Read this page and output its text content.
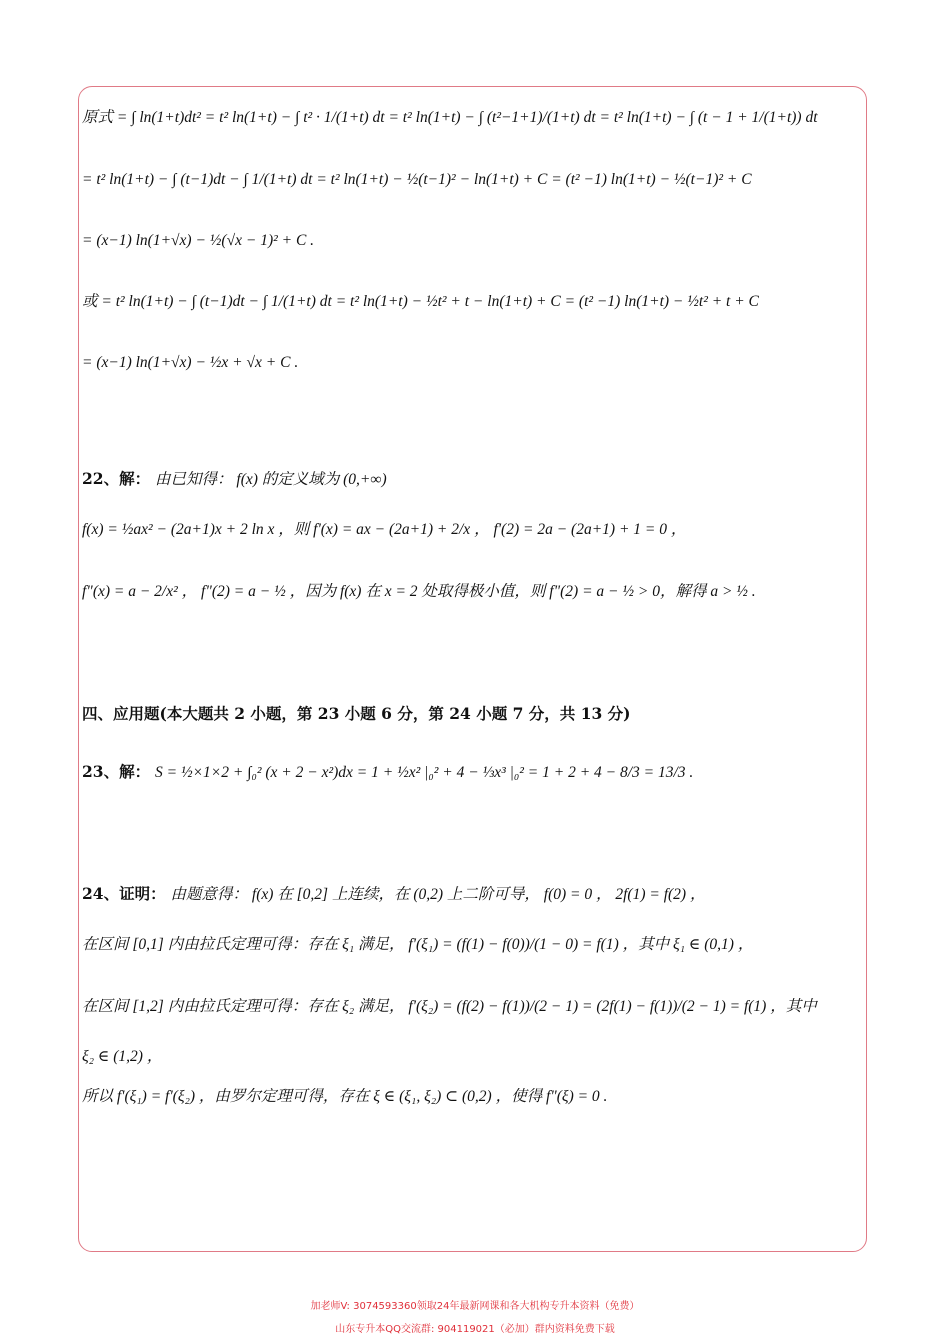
原式 = ∫ ln(1+t)dt² = t² ln(1+t) − ∫ t² · 1/(1+t) dt = t² ln(1+t) − ∫ (t²−1+1)/(1+t) dt = t² ln(1+t) − ∫ (t − 1 + 1/(1+t)) dt
= t² ln(1+t) − ∫ (t−1)dt − ∫ 1/(1+t) dt = t² ln(1+t) − ½(t−1)² − ln(1+t) + C = (t² −1) ln(1+t) − ½(t−1)² + C
= (x−1) ln(1+√x) − ½(√x − 1)² + C .
或 = t² ln(1+t) − ∫ (t−1)dt − ∫ 1/(1+t) dt = t² ln(1+t) − ½t² + t − ln(1+t) + C = (t² −1) ln(1+t) − ½t² + t + C
= (x−1) ln(1+√x) − ½x + √x + C .
22、解： 由已知得： f(x) 的定义域为 (0,+∞)
f(x) = ½ax² − (2a+1)x + 2 ln x ，则 f'(x) = ax − (2a+1) + 2/x ， f'(2) = 2a − (2a+1) + 1 = 0 ，
f"(x) = a − 2/x² ， f"(2) = a − ½ ，因为 f(x) 在 x = 2 处取得极小值，则 f"(2) = a − ½ > 0，解得 a > ½ .
四、应用题(本大题共 2 小题，第 23 小题 6 分，第 24 小题 7 分，共 13 分)
23、解： S = ½×1×2 + ∫₀² (x + 2 − x²)dx = 1 + ½x² |₀² + 4 − ⅓x³ |₀² = 1 + 2 + 4 − 8/3 = 13/3 .
24、证明： 由题意得： f(x) 在 [0,2] 上连续，在 (0,2) 上二阶可导， f(0) = 0 ， 2f(1) = f(2) ，
在区间 [0,1] 内由拉氏定理可得：存在 ξ₁ 满足， f'(ξ₁) = (f(1) − f(0))/(1 − 0) = f(1) ，其中 ξ₁ ∈ (0,1) ，
在区间 [1,2] 内由拉氏定理可得：存在 ξ₂ 满足， f'(ξ₂) = (f(2) − f(1))/(2 − 1) = (2f(1) − f(1))/(2 − 1) = f(1) ，其中
ξ₂ ∈ (1,2) ，
所以 f'(ξ₁) = f'(ξ₂) ，由罗尔定理可得，存在 ξ ∈ (ξ₁, ξ₂) ⊂ (0,2) ，使得 f"(ξ) = 0 .
加老师V: 3074593360领取24年最新网课和各大机构专升本资料（免费）
山东专升本QQ交流群: 904119021（必加）群内资料免费下载
